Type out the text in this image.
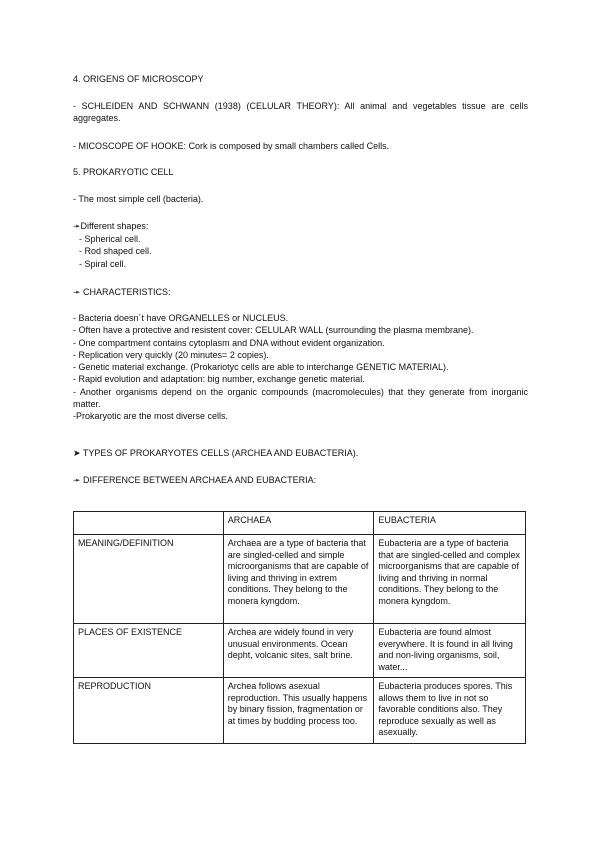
4. ORIGENS OF MICROSCOPY

- SCHLEIDEN AND SCHWANN (1938) (CELULAR THEORY): All animal and vegetables tissue are cells aggregates.

- MICOSCOPE OF HOOKE: Cork is composed by small chambers called Cells.

5. PROKARYOTIC CELL

- The most simple cell (bacteria).

➛Different shapes:

- Spherical cell.
- Rod shaped cell.
- Spiral cell.

➛ CHARACTERISTICS:

- Bacteria doesn´t have ORGANELLES or NUCLEUS.
- Often have a protective and resistent cover: CELULAR WALL (surrounding the plasma membrane).
- One compartment contains cytoplasm and DNA without evident organization.
- Replication very quickly (20 minutes= 2 copies).
- Genetic material exchange. (Prokariotyc cells are able to interchange GENETIC MATERIAL).
- Rapid evolution and adaptation: big number, exchange genetic material.
- Another organisms depend on the organic compounds (macromolecules) that they generate from inorganic matter.
-Prokaryotic are the most diverse cells.

➤ TYPES OF PROKARYOTES CELLS (ARCHEA AND EUBACTERIA).

➛ DIFFERENCE BETWEEN ARCHAEA AND EUBACTERIA:

	ARCHAEA	EUBACTERIA
MEANING/DEFINITION	Archaea are a type of bacteria that are singled-celled and simple microorganisms that are capable of living and thriving in extrem conditions. They belong to the monera kyngdom.	Eubacteria are a type of bacteria that are singled-celled and complex microorganisms that are capable of living and thriving in normal conditions. They belong to the monera kyngdom.
PLACES OF EXISTENCE	Archea are widely found in very unusual environments. Ocean depht, volcanic sites, salt brine.	Eubacteria are found almost everywhere. It is found in all living and non-living organisms, soil, water...
REPRODUCTION	Archea follows asexual reproduction. This usually happens by binary fission, fragmentation or at times by budding process too.	Eubacteria produces spores. This allows them to live in not so favorable conditions also. They reproduce sexually as well as asexually.
